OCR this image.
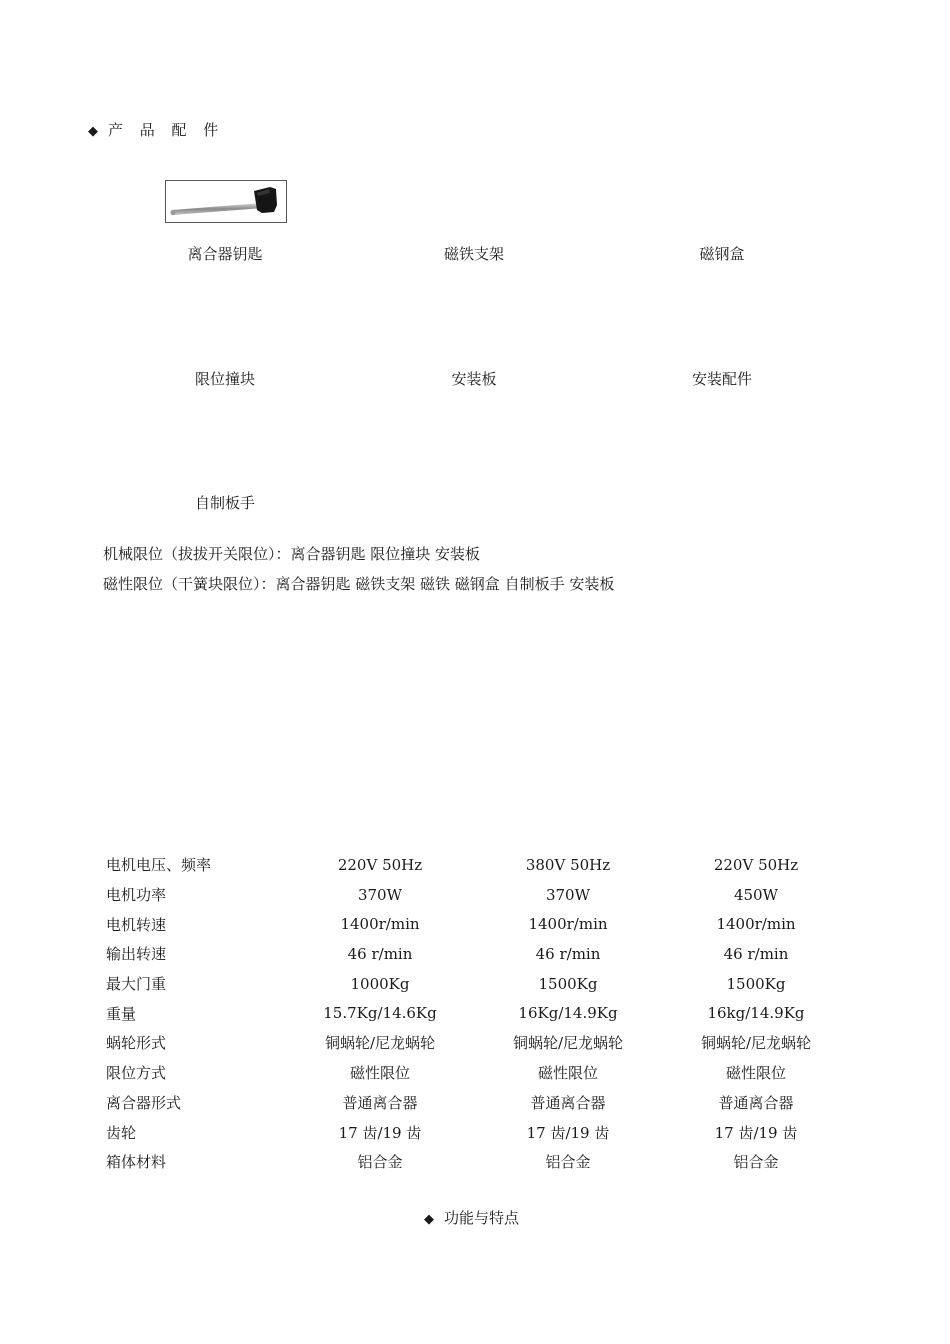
◆ 产 品 配 件
离合器钥匙	磁铁支架	磁钢盒
限位撞块	安装板	安装配件
自制板手
机械限位（拔拔开关限位）：离合器钥匙 限位撞块 安装板
磁性限位（干簧块限位）：离合器钥匙 磁铁支架 磁铁 磁钢盒 自制板手 安装板
电机电压、频率	220V 50Hz	380V 50Hz	220V 50Hz
电机功率	370W	370W	450W
电机转速	1400r/min	1400r/min	1400r/min
输出转速	46 r/min	46 r/min	46 r/min
最大门重	1000Kg	1500Kg	1500Kg
重量	15.7Kg/14.6Kg	16Kg/14.9Kg	16kg/14.9Kg
蜗轮形式	铜蜗轮/尼龙蜗轮	铜蜗轮/尼龙蜗轮	铜蜗轮/尼龙蜗轮
限位方式	磁性限位	磁性限位	磁性限位
离合器形式	普通离合器	普通离合器	普通离合器
齿轮	17 齿/19 齿	17 齿/19 齿	17 齿/19 齿
箱体材料	铝合金	铝合金	铝合金
◆ 功能与特点
